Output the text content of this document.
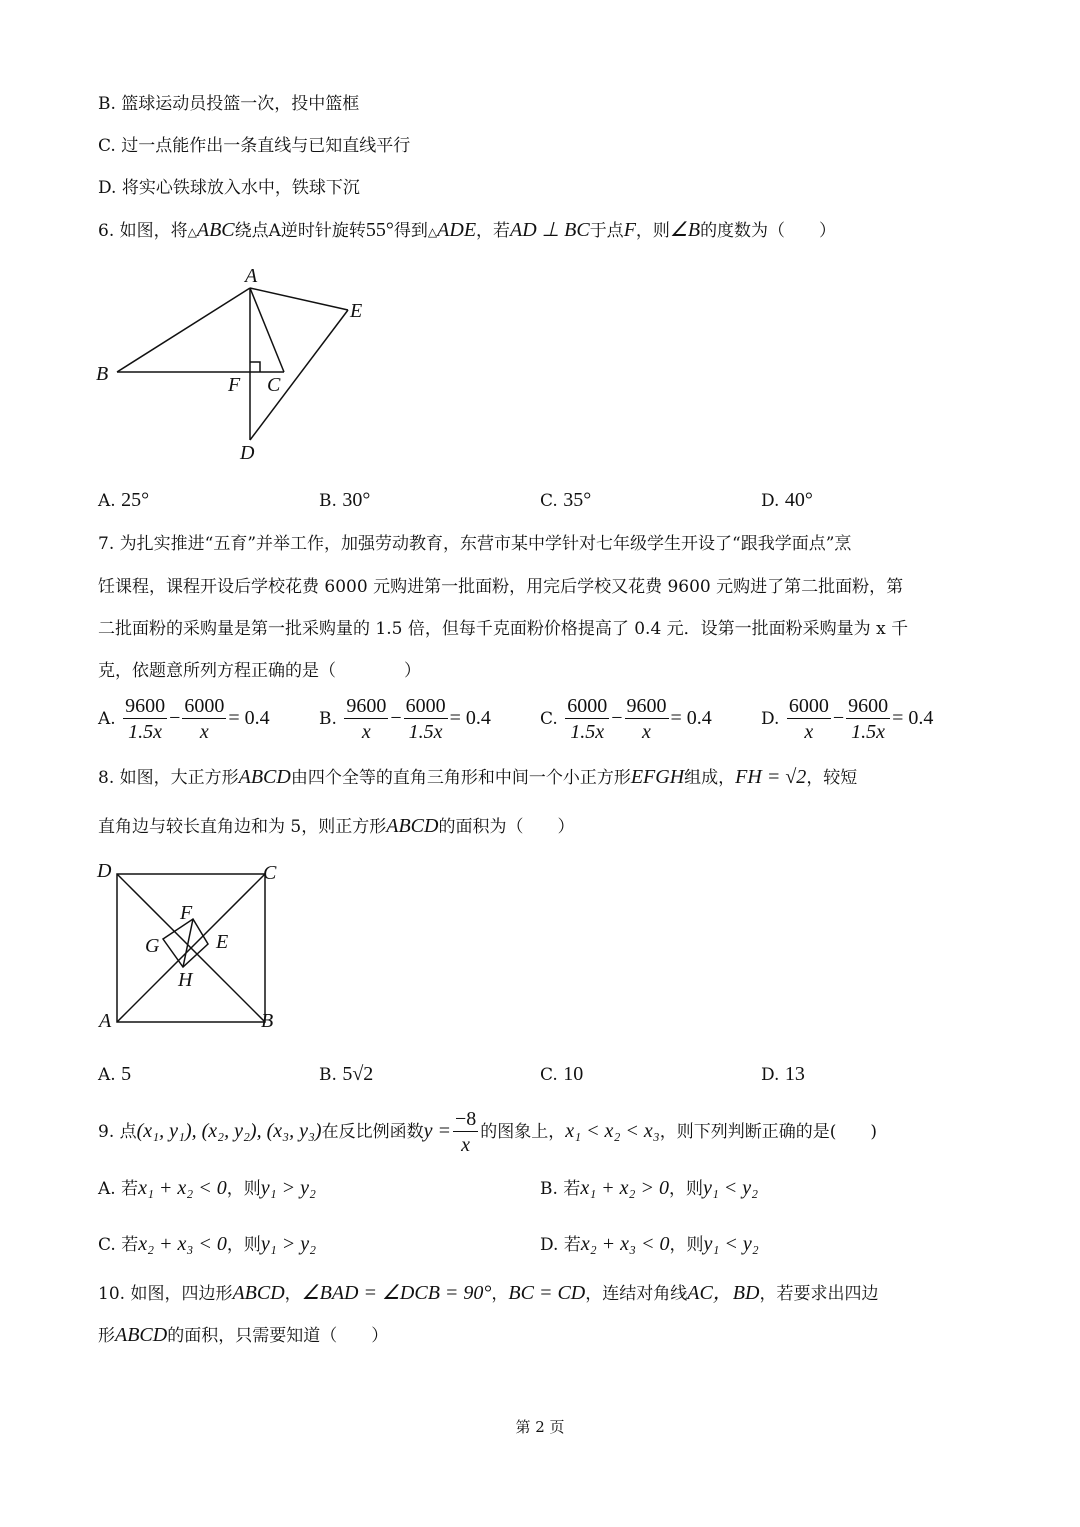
B. 篮球运动员投篮一次，投中篮框
C. 过一点能作出一条直线与已知直线平行
D. 将实心铁球放入水中，铁球下沉
6. 如图，将△ABC绕点A逆时针旋转55°得到△ADE，若AD ⊥ BC于点F，则∠B的度数为（　　）
A
B	C
D
E
F
A. 25°	B. 30°	C. 35°	D. 40°
7. 为扎实推进“五育”并举工作，加强劳动教育，东营市某中学针对七年级学生开设了“跟我学面点”烹
饪课程，课程开设后学校花费 6000 元购进第一批面粉，用完后学校又花费 9600 元购进了第二批面粉，第
二批面粉的采购量是第一批采购量的 1.5 倍，但每千克面粉价格提高了 0.4 元．设第一批面粉采购量为 x 千
克，依题意所列方程正确的是（　　　　）
A. $\frac{9600}{1.5x} - \frac{6000}{x} = 0.4$	B. $\frac{9600}{x} - \frac{6000}{1.5x} = 0.4$	C. $\frac{6000}{1.5x} - \frac{9600}{x} = 0.4$	D. $\frac{6000}{x} - \frac{9600}{1.5x} = 0.4$
8. 如图，大正方形ABCD由四个全等的直角三角形和中间一个小正方形EFGH组成，FH = √2，较短
直角边与较长直角边和为 5，则正方形ABCD的面积为（　　）
D	C
A	B
F
G	E
H
A. 5	B. 5√2	C. 10	D. 13
9. 点(x₁, y₁), (x₂, y₂), (x₃, y₃)在反比例函数$y = \frac{-8}{x}$ 的图象上，x₁ < x₂ < x₃，则下列判断正确的是(　　)
A. 若x₁ + x₂ < 0，则y₁ > y₂	B. 若x₁ + x₂ > 0，则y₁ < y₂
C. 若x₂ + x₃ < 0，则y₁ > y₂	D. 若x₂ + x₃ < 0，则y₁ < y₂
10. 如图，四边形ABCD，∠BAD = ∠DCB = 90°，BC = CD，连结对角线AC，BD，若要求出四边
形ABCD的面积，只需要知道（　　）
第 2 页
